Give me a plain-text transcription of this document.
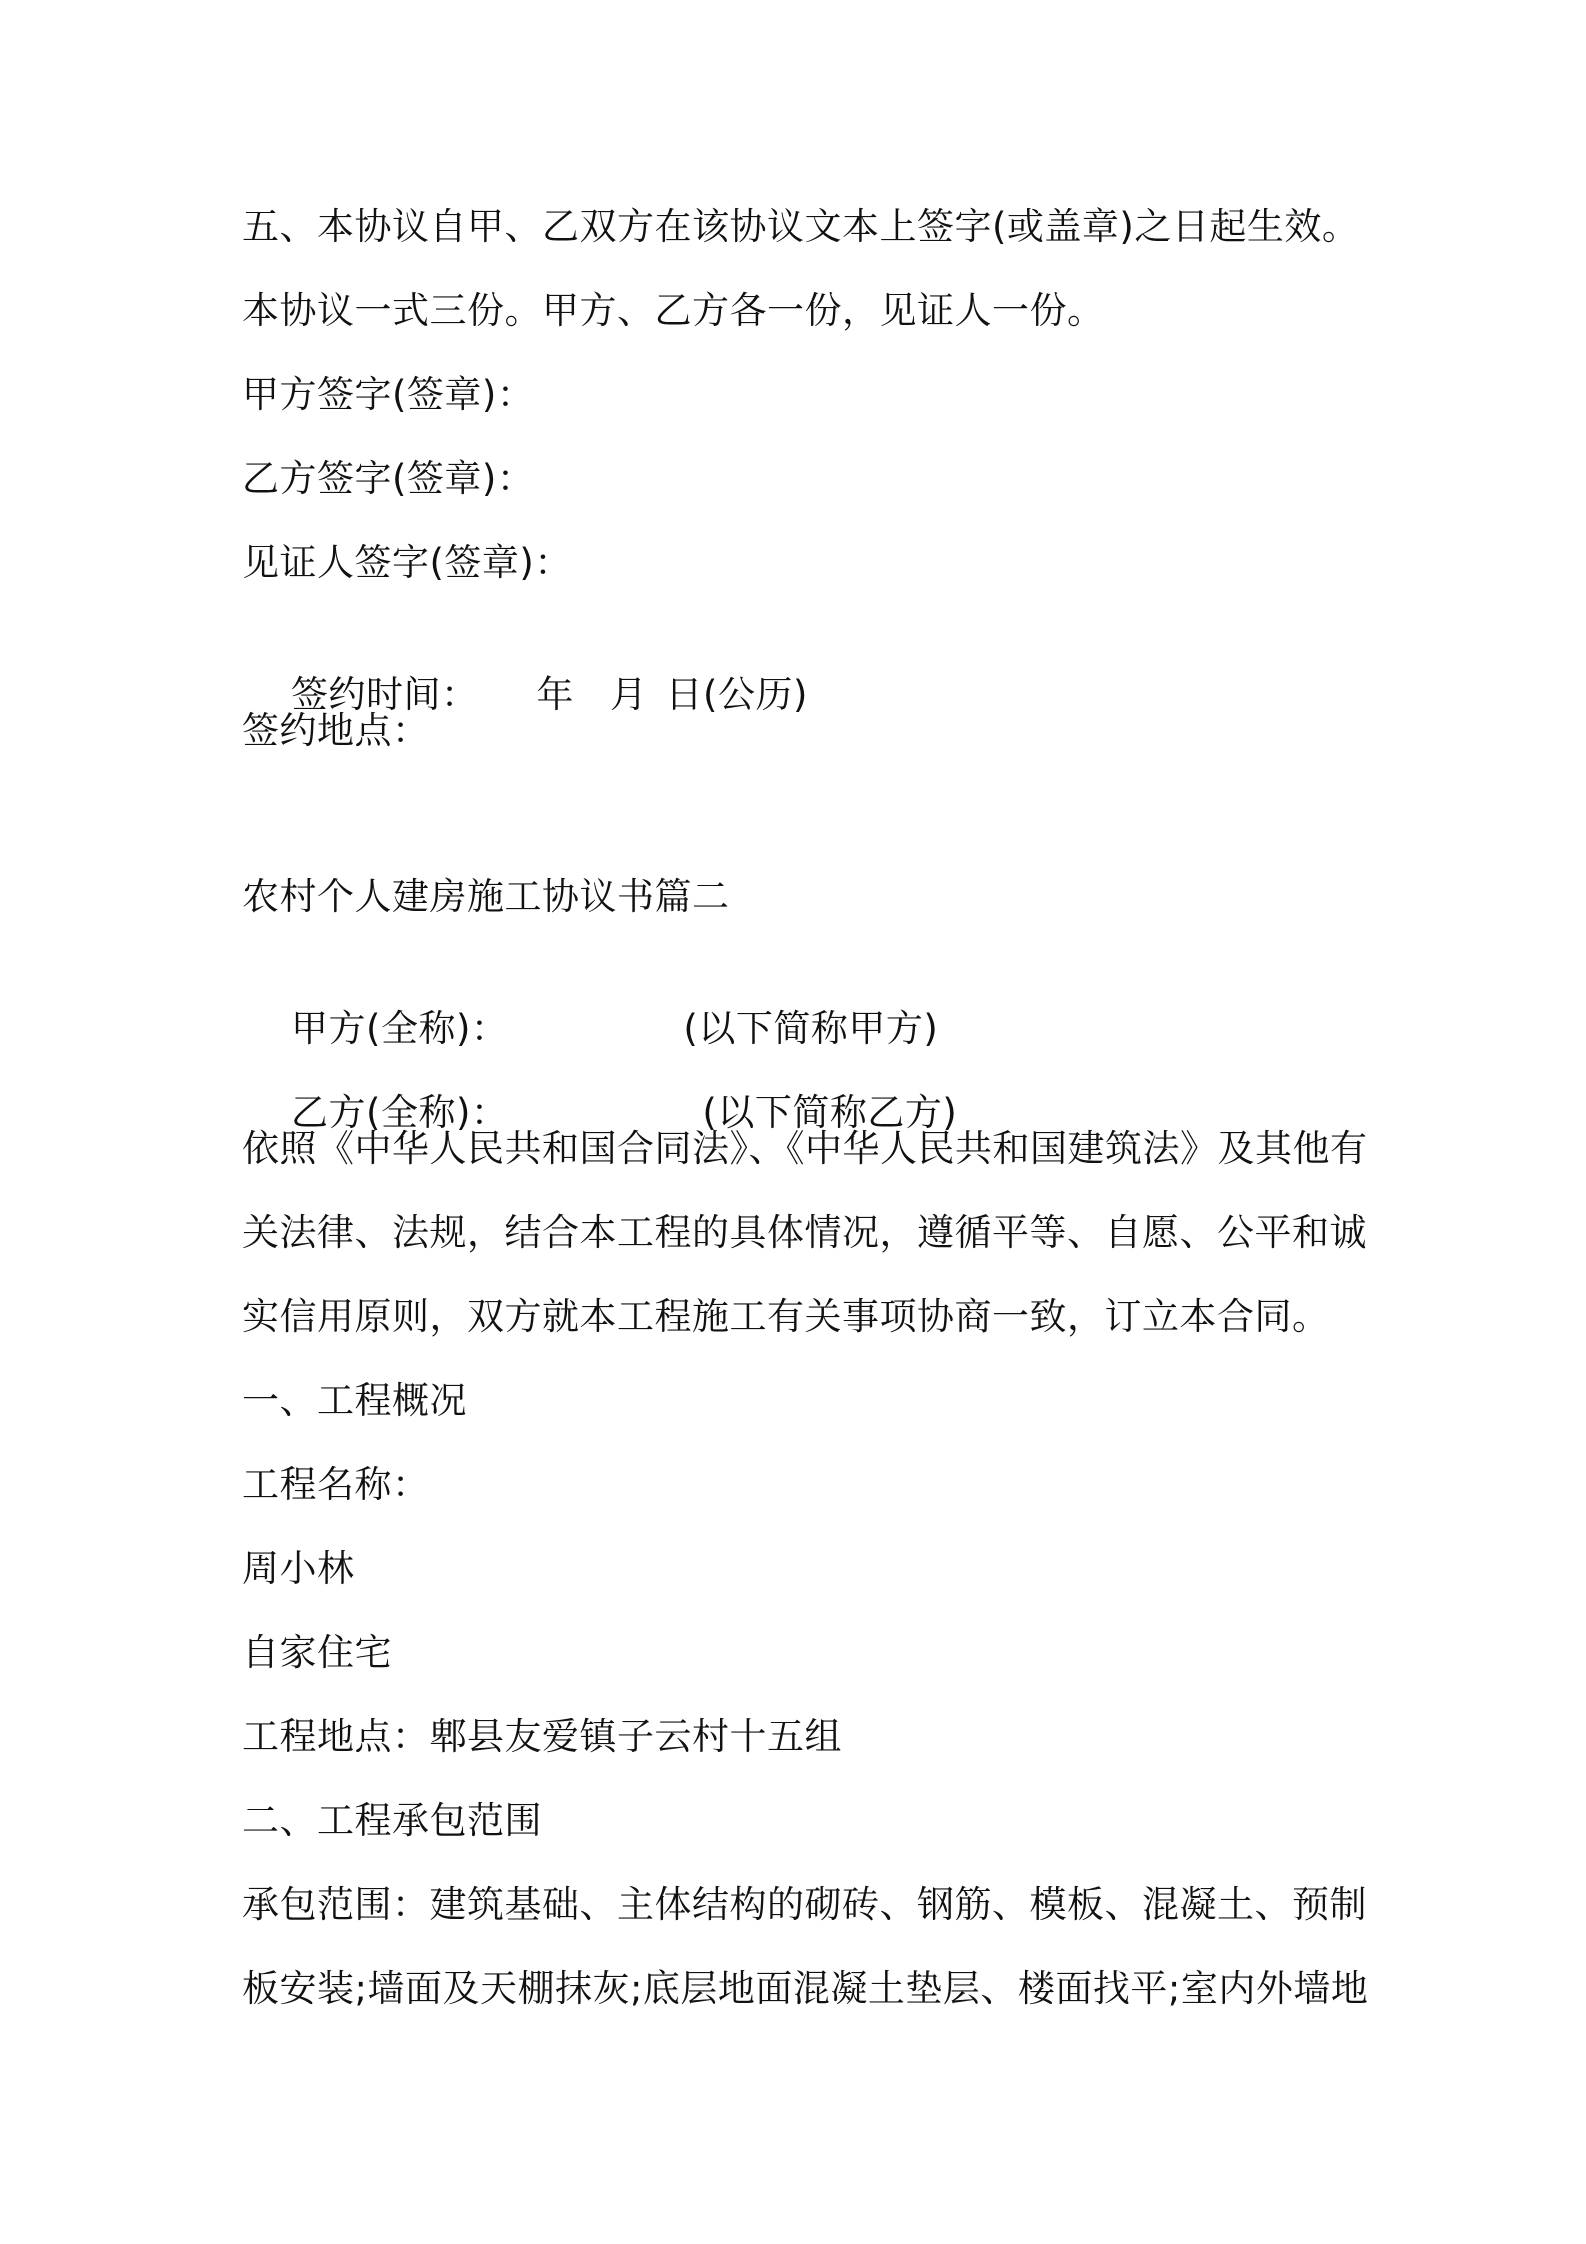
五、本协议自甲、乙双方在该协议文本上签字(或盖章)之日起生效。
本协议一式三份。甲方、乙方各一份，见证人一份。
甲方签字(签章)：
乙方签字(签章)：
见证人签字(签章)：

签约时间： 年 月 日(公历)

签约地点：
农村个人建房施工协议书篇二

甲方(全称)：	(以下简称甲方)

乙方(全称)：	(以下简称乙方)

依照《中华人民共和国合同法》、《中华人民共和国建筑法》及其他有
关法律、法规，结合本工程的具体情况，遵循平等、自愿、公平和诚
实信用原则，双方就本工程施工有关事项协商一致，订立本合同。
一、工程概况
工程名称：
周小林
自家住宅
工程地点：郫县友爱镇子云村十五组
二、工程承包范围
承包范围：建筑基础、主体结构的砌砖、钢筋、模板、混凝土、预制
板安装;墙面及天棚抹灰;底层地面混凝土垫层、楼面找平;室内外墙地
